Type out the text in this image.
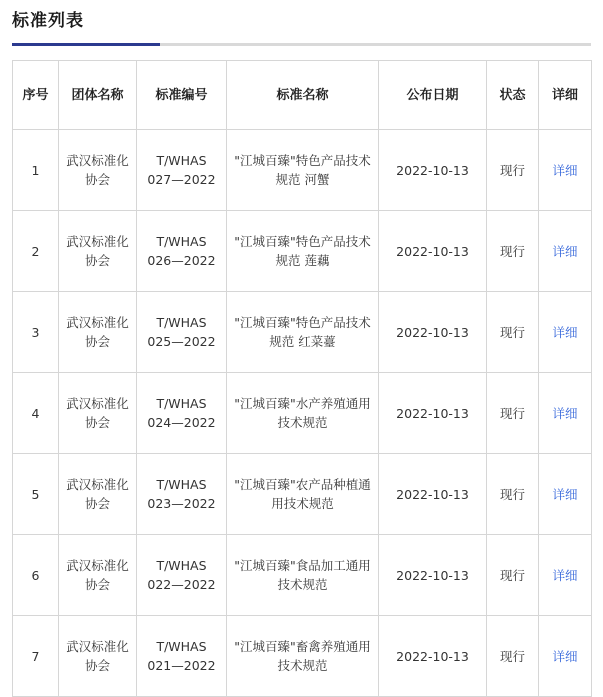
标准列表
序号	团体名称	标准编号	标准名称	公布日期	状态	详细
1	武汉标准化协会	T/WHAS 027—2022	"江城百臻"特色产品技术规范 河蟹	2022-10-13	现行	详细
2	武汉标准化协会	T/WHAS 026—2022	"江城百臻"特色产品技术规范 莲藕	2022-10-13	现行	详细
3	武汉标准化协会	T/WHAS 025—2022	"江城百臻"特色产品技术规范 红菜薹	2022-10-13	现行	详细
4	武汉标准化协会	T/WHAS 024—2022	"江城百臻"水产养殖通用技术规范	2022-10-13	现行	详细
5	武汉标准化协会	T/WHAS 023—2022	"江城百臻"农产品种植通用技术规范	2022-10-13	现行	详细
6	武汉标准化协会	T/WHAS 022—2022	"江城百臻"食品加工通用技术规范	2022-10-13	现行	详细
7	武汉标准化协会	T/WHAS 021—2022	"江城百臻"畜禽养殖通用技术规范	2022-10-13	现行	详细
